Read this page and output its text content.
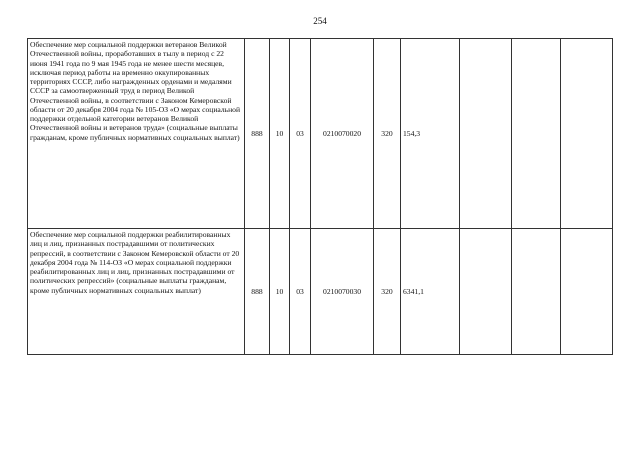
254
Обеспечение мер социальной поддержки ветеранов Великой Отечественной войны, проработавших в тылу в период с 22 июня 1941 года по 9 мая 1945 года не менее шести месяцев, исключая период работы на временно оккупированных территориях СССР, либо награжденных орденами и медалями СССР за самоотверженный труд в период Великой Отечественной войны, в соответствии с Законом Кемеровской области от 20 декабря 2004 года № 105-ОЗ «О мерах социальной поддержки отдельной категории ветеранов Великой Отечественной войны и ветеранов труда» (социальные выплаты гражданам, кроме публичных нормативных социальных выплат)	888	10	03	0210070020	320	154,3			
Обеспечение мер социальной поддержки реабилитированных лиц и лиц, признанных пострадавшими от политических репрессий, в соответствии с Законом Кемеровской области от 20 декабря 2004 года № 114-ОЗ «О мерах социальной поддержки реабилитированных лиц и лиц, признанных пострадавшими от политических репрессий» (социальные выплаты гражданам, кроме публичных нормативных социальных выплат)	888	10	03	0210070030	320	6341,1			
